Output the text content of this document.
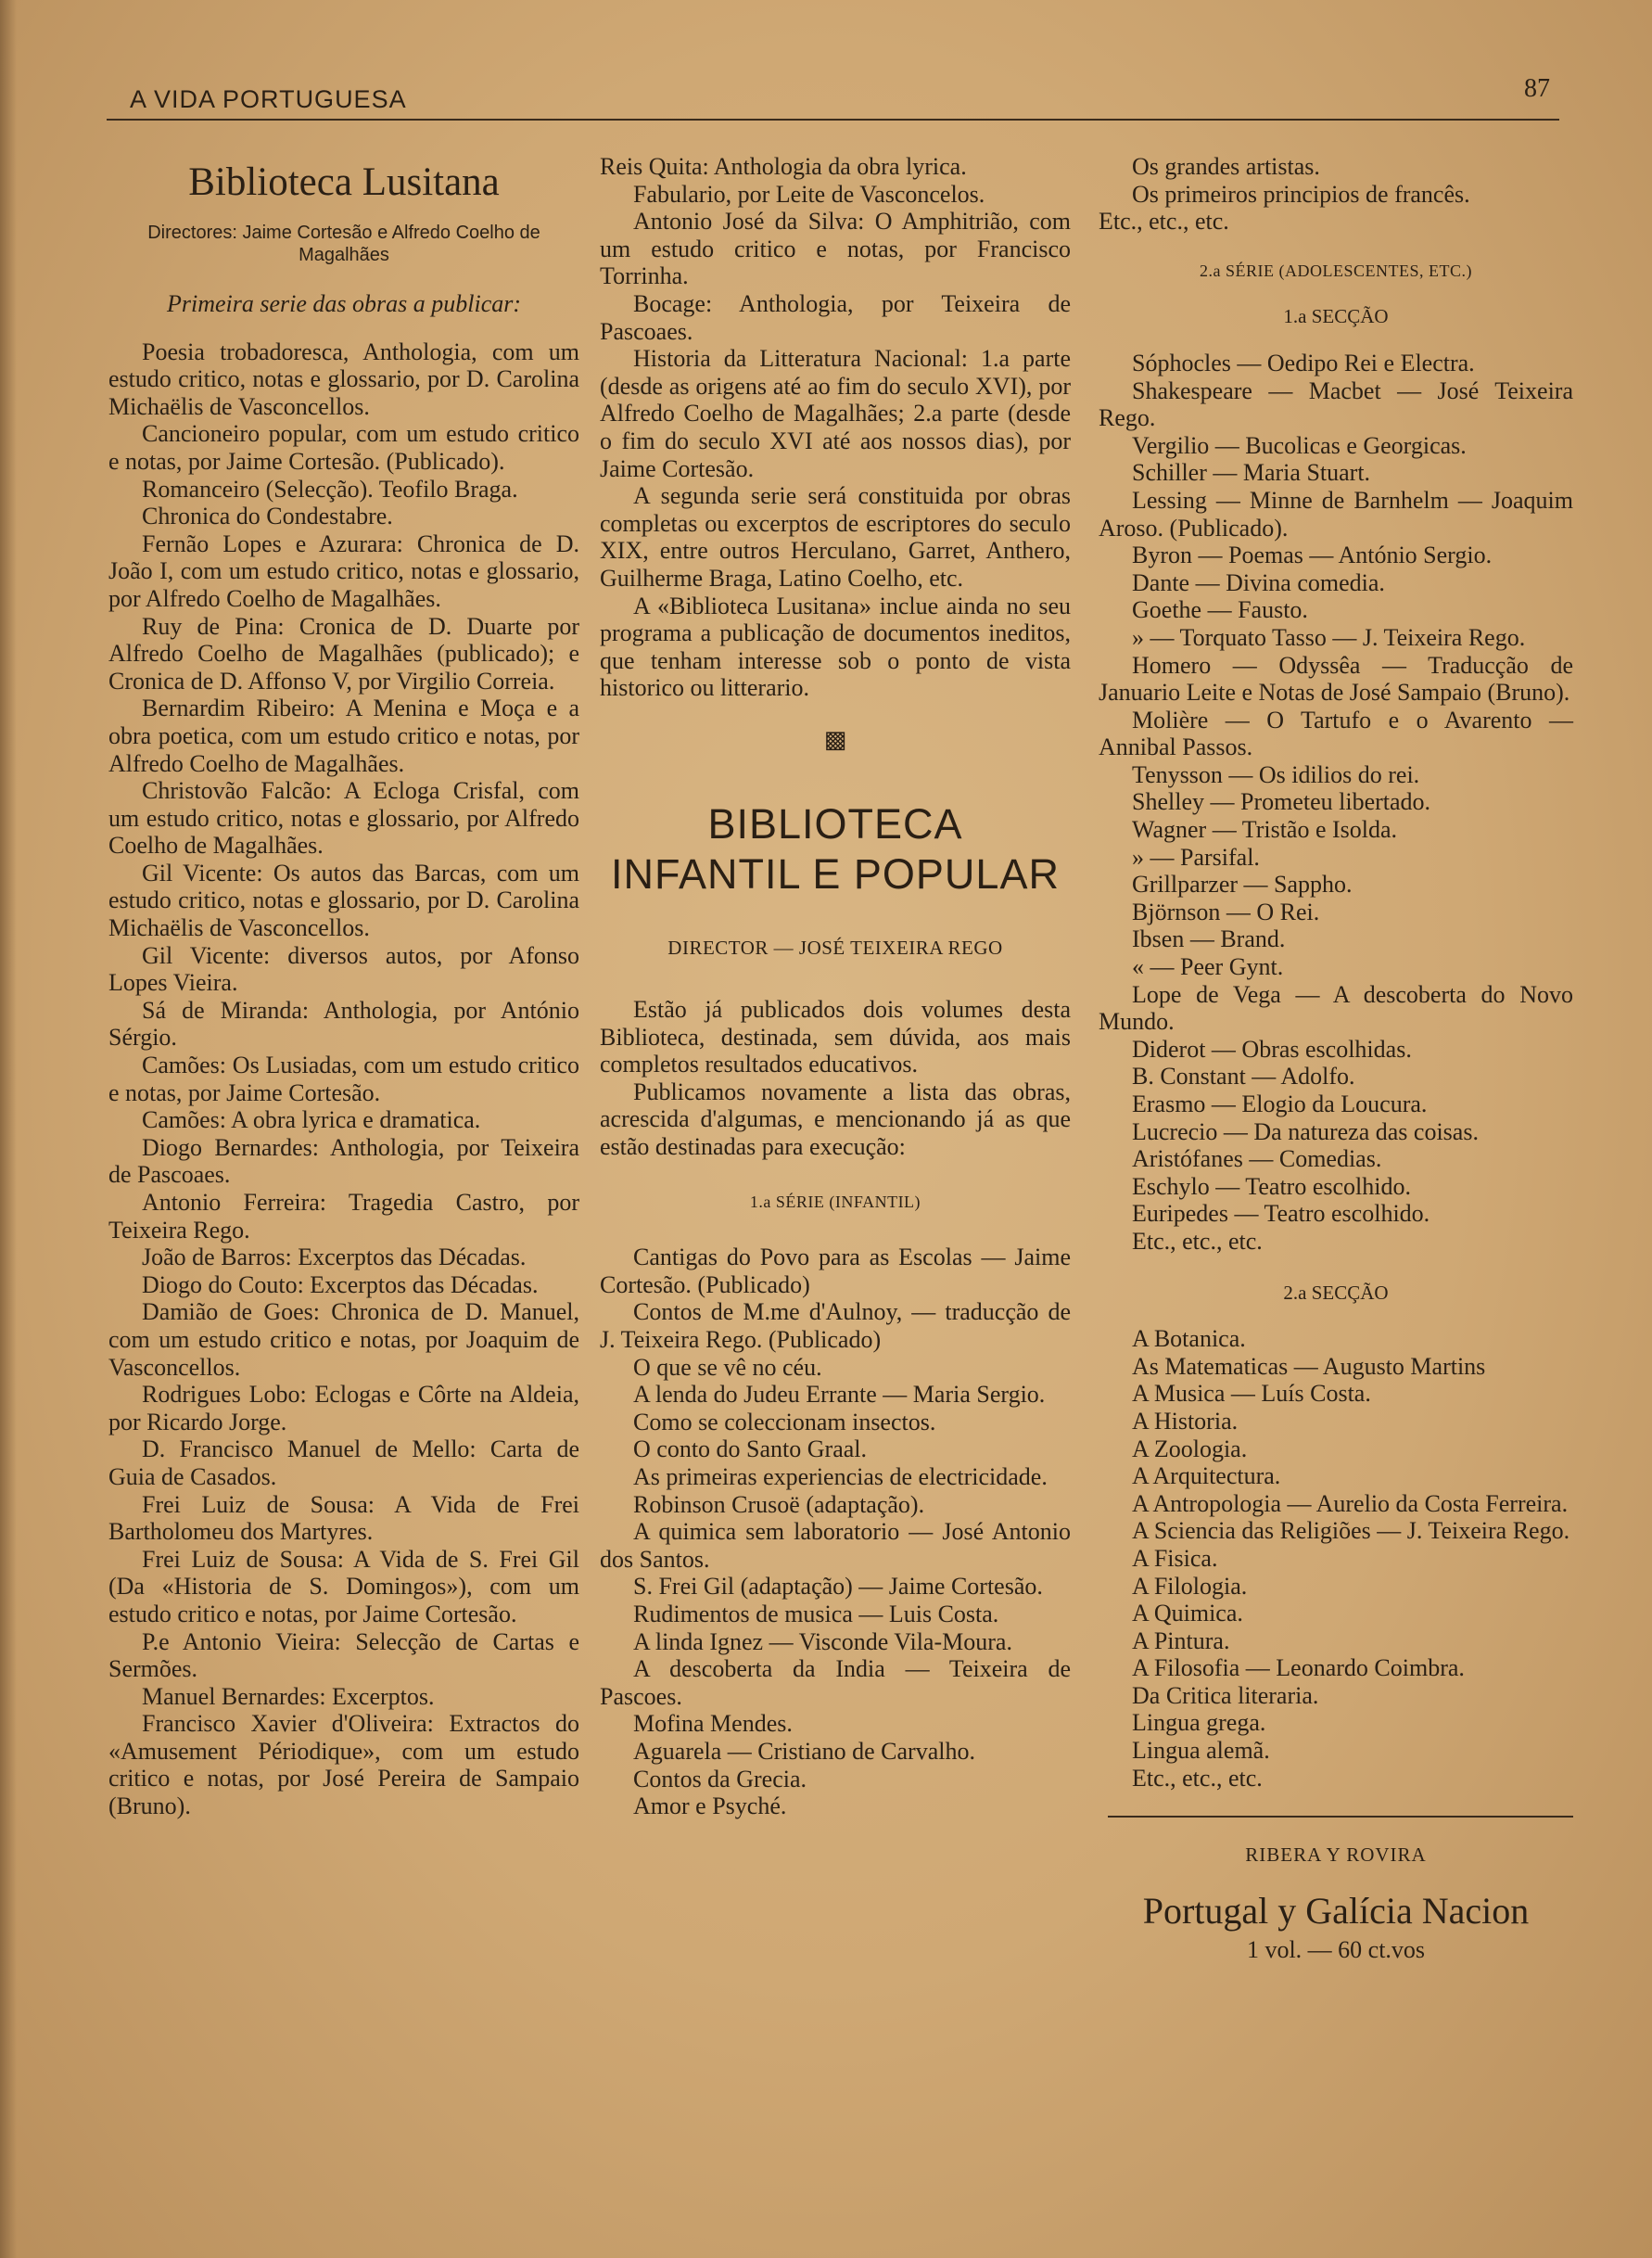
A VIDA PORTUGUESA	87
Biblioteca Lusitana
Directores: Jaime Cortesão e Alfredo Coelho de Magalhães
Primeira serie das obras a publicar:

Poesia trobadoresca, Anthologia, com um estudo critico, notas e glossario, por D. Carolina Michaëlis de Vasconcellos.

Cancioneiro popular, com um estudo critico e notas, por Jaime Cortesão. (Publicado).

Romanceiro (Selecção). Teofilo Braga.

Chronica do Condestabre.

Fernão Lopes e Azurara: Chronica de D. João I, com um estudo critico, notas e glossario, por Alfredo Coelho de Magalhães.

Ruy de Pina: Cronica de D. Duarte por Alfredo Coelho de Magalhães (publicado); e Cronica de D. Affonso V, por Virgilio Correia.

Bernardim Ribeiro: A Menina e Moça e a obra poetica, com um estudo critico e notas, por Alfredo Coelho de Magalhães.

Christovão Falcão: A Ecloga Crisfal, com um estudo critico, notas e glossario, por Alfredo Coelho de Magalhães.

Gil Vicente: Os autos das Barcas, com um estudo critico, notas e glossario, por D. Carolina Michaëlis de Vasconcellos.

Gil Vicente: diversos autos, por Afonso Lopes Vieira.

Sá de Miranda: Anthologia, por António Sérgio.

Camões: Os Lusiadas, com um estudo critico e notas, por Jaime Cortesão.

Camões: A obra lyrica e dramatica.

Diogo Bernardes: Anthologia, por Teixeira de Pascoaes.

Antonio Ferreira: Tragedia Castro, por Teixeira Rego.

João de Barros: Excerptos das Décadas.

Diogo do Couto: Excerptos das Décadas.

Damião de Goes: Chronica de D. Manuel, com um estudo critico e notas, por Joaquim de Vasconcellos.

Rodrigues Lobo: Eclogas e Côrte na Aldeia, por Ricardo Jorge.

D. Francisco Manuel de Mello: Carta de Guia de Casados.

Frei Luiz de Sousa: A Vida de Frei Bartholomeu dos Martyres.

Frei Luiz de Sousa: A Vida de S. Frei Gil (Da «Historia de S. Domingos»), com um estudo critico e notas, por Jaime Cortesão.

P.e Antonio Vieira: Selecção de Cartas e Sermões.

Manuel Bernardes: Excerptos.

Francisco Xavier d'Oliveira: Extractos do «Amusement Périodique», com um estudo critico e notas, por José Pereira de Sampaio (Bruno).

Reis Quita: Anthologia da obra lyrica.

Fabulario, por Leite de Vasconcelos.

Antonio José da Silva: O Amphitrião, com um estudo critico e notas, por Francisco Torrinha.

Bocage: Anthologia, por Teixeira de Pascoaes.

Historia da Litteratura Nacional: 1.a parte (desde as origens até ao fim do seculo XVI), por Alfredo Coelho de Magalhães; 2.a parte (desde o fim do seculo XVI até aos nossos dias), por Jaime Cortesão.

A segunda serie será constituida por obras completas ou excerptos de escriptores do seculo XIX, entre outros Herculano, Garret, Anthero, Guilherme Braga, Latino Coelho, etc.

A «Biblioteca Lusitana» inclue ainda no seu programa a publicação de documentos ineditos, que tenham interesse sob o ponto de vista historico ou litterario.

▩
BIBLIOTECA
INFANTIL E POPULAR
DIRECTOR — JOSÉ TEIXEIRA REGO

Estão já publicados dois volumes desta Biblioteca, destinada, sem dúvida, aos mais completos resultados educativos.

Publicamos novamente a lista das obras, acrescida d'algumas, e mencionando já as que estão destinadas para execução:

1.a SÉRIE (INFANTIL)

Cantigas do Povo para as Escolas — Jaime Cortesão. (Publicado)

Contos de M.me d'Aulnoy, — traducção de J. Teixeira Rego. (Publicado)

O que se vê no céu.

A lenda do Judeu Errante — Maria Sergio.

Como se coleccionam insectos.

O conto do Santo Graal.

As primeiras experiencias de electricidade.

Robinson Crusoë (adaptação).

A quimica sem laboratorio — José Antonio dos Santos.

S. Frei Gil (adaptação) — Jaime Cortesão.

Rudimentos de musica — Luis Costa.

A linda Ignez — Visconde Vila-Moura.

A descoberta da India — Teixeira de Pascoes.

Mofina Mendes.

Aguarela — Cristiano de Carvalho.

Contos da Grecia.

Amor e Psyché.

Os grandes artistas.

Os primeiros principios de francês.

Etc., etc., etc.

2.a SÉRIE (ADOLESCENTES, ETC.)
1.a SECÇÃO

Sóphocles — Oedipo Rei e Electra.

Shakespeare — Macbet — José Teixeira Rego.

Vergilio — Bucolicas e Georgicas.

Schiller — Maria Stuart.

Lessing — Minne de Barnhelm — Joaquim Aroso. (Publicado).

Byron — Poemas — António Sergio.

Dante — Divina comedia.

Goethe — Fausto.

» — Torquato Tasso — J. Teixeira Rego.

Homero — Odyssêa — Traducção de Januario Leite e Notas de José Sampaio (Bruno).

Molière — O Tartufo e o Avarento — Annibal Passos.

Tenysson — Os idilios do rei.

Shelley — Prometeu libertado.

Wagner — Tristão e Isolda.

» — Parsifal.

Grillparzer — Sappho.

Björnson — O Rei.

Ibsen — Brand.

« — Peer Gynt.

Lope de Vega — A descoberta do Novo Mundo.

Diderot — Obras escolhidas.

B. Constant — Adolfo.

Erasmo — Elogio da Loucura.

Lucrecio — Da natureza das coisas.

Aristófanes — Comedias.

Eschylo — Teatro escolhido.

Euripedes — Teatro escolhido.

Etc., etc., etc.

2.a SECÇÃO

A Botanica.

As Matematicas — Augusto Martins

A Musica — Luís Costa.

A Historia.

A Zoologia.

A Arquitectura.

A Antropologia — Aurelio da Costa Ferreira.

A Sciencia das Religiões — J. Teixeira Rego.

A Fisica.

A Filologia.

A Quimica.

A Pintura.

A Filosofia — Leonardo Coimbra.

Da Critica literaria.

Lingua grega.

Lingua alemã.

Etc., etc., etc.

RIBERA Y ROVIRA
Portugal y Galícia Nacion
1 vol. — 60 ct.vos
